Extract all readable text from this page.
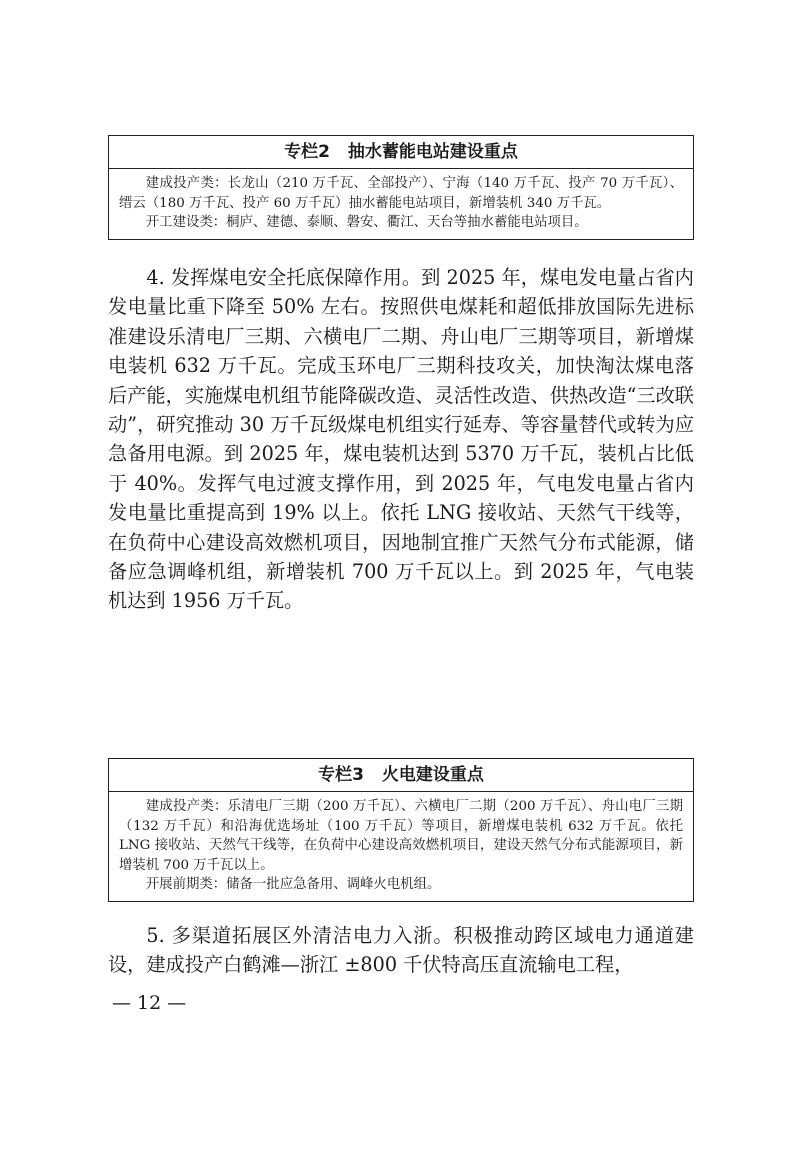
专栏2 抽水蓄能电站建设重点

建成投产类：长龙山（210 万千瓦、全部投产）、宁海（140 万千瓦、投产 70 万千瓦）、缙云（180 万千瓦、投产 60 万千瓦）抽水蓄能电站项目，新增装机 340 万千瓦。

开工建设类：桐庐、建德、泰顺、磐安、衢江、天台等抽水蓄能电站项目。

4. 发挥煤电安全托底保障作用。到 2025 年，煤电发电量占省内发电量比重下降至 50% 左右。按照供电煤耗和超低排放国际先进标准建设乐清电厂三期、六横电厂二期、舟山电厂三期等项目，新增煤电装机 632 万千瓦。完成玉环电厂三期科技攻关，加快淘汰煤电落后产能，实施煤电机组节能降碳改造、灵活性改造、供热改造“三改联动”，研究推动 30 万千瓦级煤电机组实行延寿、等容量替代或转为应急备用电源。到 2025 年，煤电装机达到 5370 万千瓦，装机占比低于 40%。发挥气电过渡支撑作用，到 2025 年，气电发电量占省内发电量比重提高到 19% 以上。依托 LNG 接收站、天然气干线等，在负荷中心建设高效燃机项目，因地制宜推广天然气分布式能源，储备应急调峰机组，新增装机 700 万千瓦以上。到 2025 年，气电装机达到 1956 万千瓦。

专栏3 火电建设重点

建成投产类：乐清电厂三期（200 万千瓦）、六横电厂二期（200 万千瓦）、舟山电厂三期（132 万千瓦）和沿海优选场址（100 万千瓦）等项目，新增煤电装机 632 万千瓦。依托 LNG 接收站、天然气干线等，在负荷中心建设高效燃机项目，建设天然气分布式能源项目，新增装机 700 万千瓦以上。

开展前期类：储备一批应急备用、调峰火电机组。

5. 多渠道拓展区外清洁电力入浙。积极推动跨区域电力通道建设，建成投产白鹤滩—浙江 ±800 千伏特高压直流输电工程，

— 12 —
